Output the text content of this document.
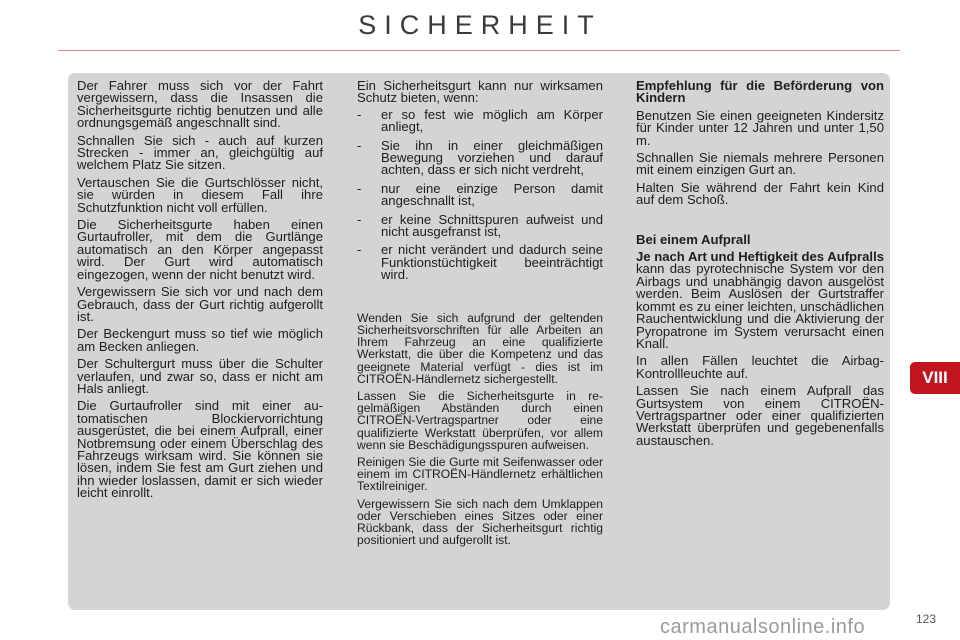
SICHERHEIT

Der Fahrer muss sich vor der Fahrt vergewissern, dass die Insassen die Sicherheitsgurte richtig benutzen und alle ordnungsgemäß angeschnallt sind.

Schnallen Sie sich - auch auf kurzen Strecken - immer an, gleichgültig auf welchem Platz Sie sitzen.

Vertauschen Sie die Gurtschlösser nicht, sie würden in diesem Fall ihre Schutzfunktion nicht voll erfüllen.

Die Sicherheitsgurte haben einen Gurtaufroller, mit dem die Gurtlänge automatisch an den Körper angepasst wird. Der Gurt wird automatisch eingezogen, wenn der nicht benutzt wird.

Vergewissern Sie sich vor und nach dem Gebrauch, dass der Gurt richtig aufgerollt ist.

Der Beckengurt muss so tief wie möglich am Becken anliegen.

Der Schultergurt muss über die Schulter verlaufen, und zwar so, dass er nicht am Hals anliegt.

Die Gurtaufroller sind mit einer automatischen Blockiervorrichtung ausgerüstet, die bei einem Aufprall, einer Notbremsung oder einem Überschlag des Fahrzeugs wirksam wird. Sie können sie lösen, indem Sie fest am Gurt ziehen und ihn wieder loslassen, damit er sich wieder leicht einrollt.

Ein Sicherheitsgurt kann nur wirksamen Schutz bieten, wenn:

- er so fest wie möglich am Körper anliegt,
- Sie ihn in einer gleichmäßigen Bewegung vorziehen und darauf achten, dass er sich nicht verdreht,
- nur eine einzige Person damit angeschnallt ist,
- er keine Schnittspuren aufweist und nicht ausgefranst ist,
- er nicht verändert und dadurch seine Funktionstüchtigkeit beeinträchtigt wird.

Wenden Sie sich aufgrund der geltenden Sicherheitsvorschriften für alle Arbeiten an Ihrem Fahrzeug an eine qualifizierte Werkstatt, die über die Kompetenz und das geeignete Material verfügt - dies ist im CITROËN-Händlernetz sichergestellt.

Lassen Sie die Sicherheitsgurte in regelmäßigen Abständen durch einen CITROËN-Vertragspartner oder eine qualifizierte Werkstatt überprüfen, vor allem wenn sie Beschädigungsspuren aufweisen.

Reinigen Sie die Gurte mit Seifenwasser oder einem im CITROËN-Händlernetz erhältlichen Textilreiniger.

Vergewissern Sie sich nach dem Umklappen oder Verschieben eines Sitzes oder einer Rückbank, dass der Sicherheitsgurt richtig positioniert und aufgerollt ist.

Empfehlung für die Beförderung von Kindern

Benutzen Sie einen geeigneten Kindersitz für Kinder unter 12 Jahren und unter 1,50 m.

Schnallen Sie niemals mehrere Personen mit einem einzigen Gurt an.

Halten Sie während der Fahrt kein Kind auf dem Schoß.

Bei einem Aufprall

Je nach Art und Heftigkeit des Aufpralls kann das pyrotechnische System vor den Airbags und unabhängig davon ausgelöst werden. Beim Auslösen der Gurtstraffer kommt es zu einer leichten, unschädlichen Rauchentwicklung und die Aktivierung der Pyropatrone im System verursacht einen Knall.

In allen Fällen leuchtet die Airbag-Kontrollleuchte auf.

Lassen Sie nach einem Aufprall das Gurtsystem von einem CITROËN-Vertragspartner oder einer qualifizierten Werkstatt überprüfen und gegebenenfalls austauschen.

VIII
carmanualsonline.info	123
